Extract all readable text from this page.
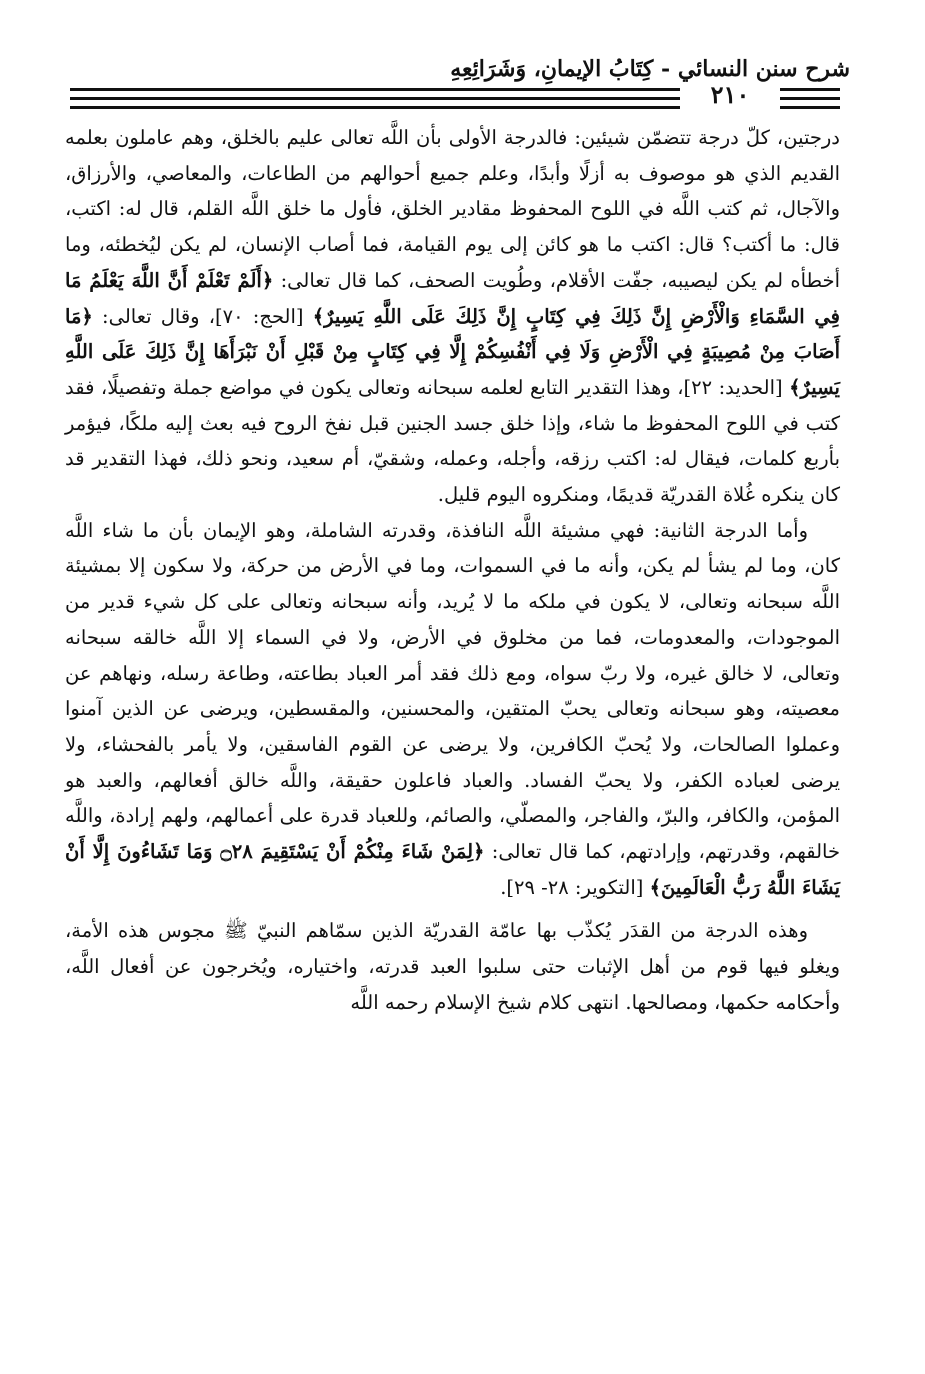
شرح سنن النسائي - كِتَابُ الإيمانِ، وَشَرَائِعِهِ
٢١٠

درجتين، كلّ درجة تتضمّن شيئين: فالدرجة الأولى بأن اللَّه تعالى عليم بالخلق، وهم عاملون بعلمه القديم الذي هو موصوف به أزلًا وأبدًا، وعلم جميع أحوالهم من الطاعات، والمعاصي، والأرزاق، والآجال، ثم كتب اللَّه في اللوح المحفوظ مقادير الخلق، فأول ما خلق اللَّه القلم، قال له: اكتب، قال: ما أكتب؟ قال: اكتب ما هو كائن إلى يوم القيامة، فما أصاب الإنسان، لم يكن ليُخطئه، وما أخطأه لم يكن ليصيبه، جفّت الأقلام، وطُويت الصحف، كما قال تعالى: ﴿أَلَمْ تَعْلَمْ أَنَّ اللَّهَ يَعْلَمُ مَا فِي السَّمَاءِ وَالْأَرْضِ إِنَّ ذَلِكَ فِي كِتَابٍ إِنَّ ذَلِكَ عَلَى اللَّهِ يَسِيرٌ﴾ [الحج: ٧٠]، وقال تعالى: ﴿مَا أَصَابَ مِنْ مُصِيبَةٍ فِي الْأَرْضِ وَلَا فِي أَنْفُسِكُمْ إِلَّا فِي كِتَابٍ مِنْ قَبْلِ أَنْ نَبْرَأَهَا إِنَّ ذَلِكَ عَلَى اللَّهِ يَسِيرٌ﴾ [الحديد: ٢٢]، وهذا التقدير التابع لعلمه سبحانه وتعالى يكون في مواضع جملة وتفصيلًا، فقد كتب في اللوح المحفوظ ما شاء، وإذا خلق جسد الجنين قبل نفخ الروح فيه بعث إليه ملكًا، فيؤمر بأربع كلمات، فيقال له: اكتب رزقه، وأجله، وعمله، وشقيّ، أم سعيد، ونحو ذلك، فهذا التقدير قد كان ينكره غُلاة القدريّة قديمًا، ومنكروه اليوم قليل.

وأما الدرجة الثانية: فهي مشيئة اللَّه النافذة، وقدرته الشاملة، وهو الإيمان بأن ما شاء اللَّه كان، وما لم يشأ لم يكن، وأنه ما في السموات، وما في الأرض من حركة، ولا سكون إلا بمشيئة اللَّه سبحانه وتعالى، لا يكون في ملكه ما لا يُريد، وأنه سبحانه وتعالى على كل شيء قدير من الموجودات، والمعدومات، فما من مخلوق في الأرض، ولا في السماء إلا اللَّه خالقه سبحانه وتعالى، لا خالق غيره، ولا ربّ سواه، ومع ذلك فقد أمر العباد بطاعته، وطاعة رسله، ونهاهم عن معصيته، وهو سبحانه وتعالى يحبّ المتقين، والمحسنين، والمقسطين، ويرضى عن الذين آمنوا وعملوا الصالحات، ولا يُحبّ الكافرين، ولا يرضى عن القوم الفاسقين، ولا يأمر بالفحشاء، ولا يرضى لعباده الكفر، ولا يحبّ الفساد. والعباد فاعلون حقيقة، واللَّه خالق أفعالهم، والعبد هو المؤمن، والكافر، والبرّ، والفاجر، والمصلّي، والصائم، وللعباد قدرة على أعمالهم، ولهم إرادة، واللَّه خالقهم، وقدرتهم، وإرادتهم، كما قال تعالى: ﴿لِمَنْ شَاءَ مِنْكُمْ أَنْ يَسْتَقِيمَ ۝٢٨ وَمَا تَشَاءُونَ إِلَّا أَنْ يَشَاءَ اللَّهُ رَبُّ الْعَالَمِينَ﴾ [التكوير: ٢٨- ٢٩].

وهذه الدرجة من القدَر يُكذّب بها عامّة القدريّة الذين سمّاهم النبيّ ﷺ مجوس هذه الأمة، ويغلو فيها قوم من أهل الإثبات حتى سلبوا العبد قدرته، واختياره، ويُخرجون عن أفعال اللَّه، وأحكامه حكمها، ومصالحها. انتهى كلام شيخ الإسلام رحمه اللَّه
